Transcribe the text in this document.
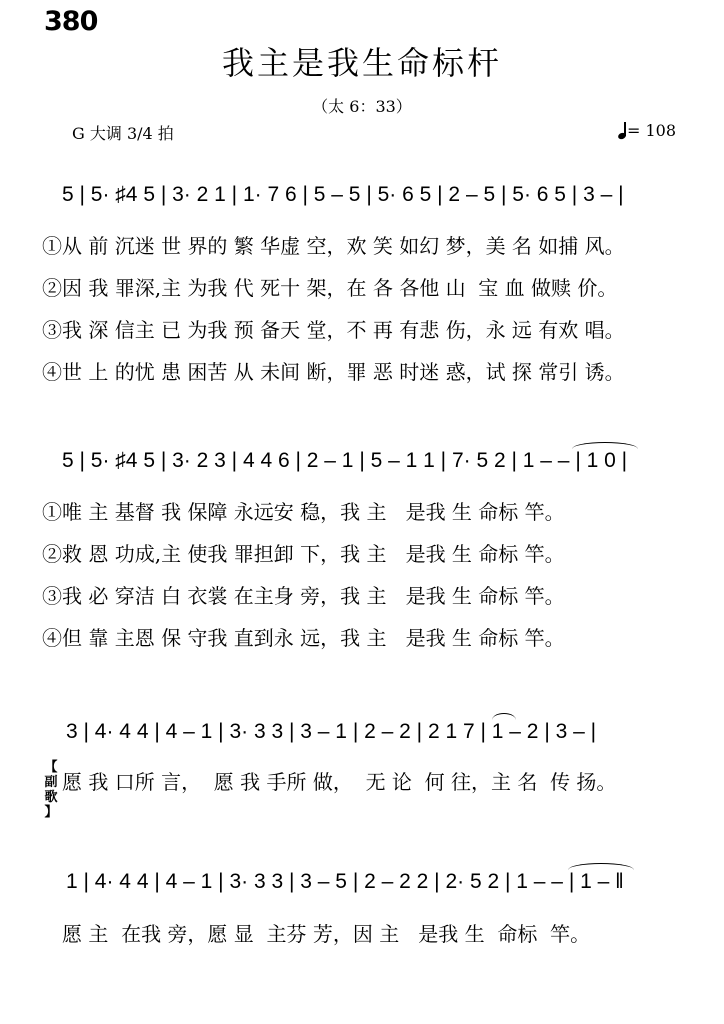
380
我主是我生命标杆
（太 6：33）
G 大调 3/4 拍	= 108
5 | 5· ♯4 5 | 3· 2 1 | 1· 7 6 | 5 – 5 | 5· 6 5 | 2 – 5 | 5· 6 5 | 3 – |
①从 前 沉迷 世 界的 繁 华虚 空，欢 笑 如幻 梦，美 名 如捕 风。
②因 我 罪深,主 为我 代 死十 架，在 各 各他 山  宝 血 做赎 价。
③我 深 信主 已 为我 预 备天 堂，不 再 有悲 伤，永 远 有欢 唱。
④世 上 的忧 患 困苦 从 未间 断，罪 恶 时迷 惑，试 探 常引 诱。
5 | 5· ♯4 5 | 3· 2 3 | 4 4 6 | 2 – 1 | 5 – 1 1 | 7· 5 2 | 1 – – | 1 0 |
①唯 主 基督 我 保障 永远安 稳，我 主   是我 生 命标 竿。
②救 恩 功成,主 使我 罪担卸 下，我 主   是我 生 命标 竿。
③我 必 穿洁 白 衣裳 在主身 旁，我 主   是我 生 命标 竿。
④但 靠 主恩 保 守我 直到永 远，我 主   是我 生 命标 竿。
3 | 4· 4 4 | 4 – 1 | 3· 3 3 | 3 – 1 | 2 – 2 | 2 1 7 | 1 – 2 | 3 – |
【
副歌
】
愿 我 口所 言，  愿 我 手所 做，  无 论  何 往，主 名  传 扬。
1 | 4· 4 4 | 4 – 1 | 3· 3 3 | 3 – 5 | 2 – 2 2 | 2· 5 2 | 1 – – | 1 – ‖
愿 主  在我 旁，愿 显  主芬 芳，因 主   是我 生  命标  竿。
